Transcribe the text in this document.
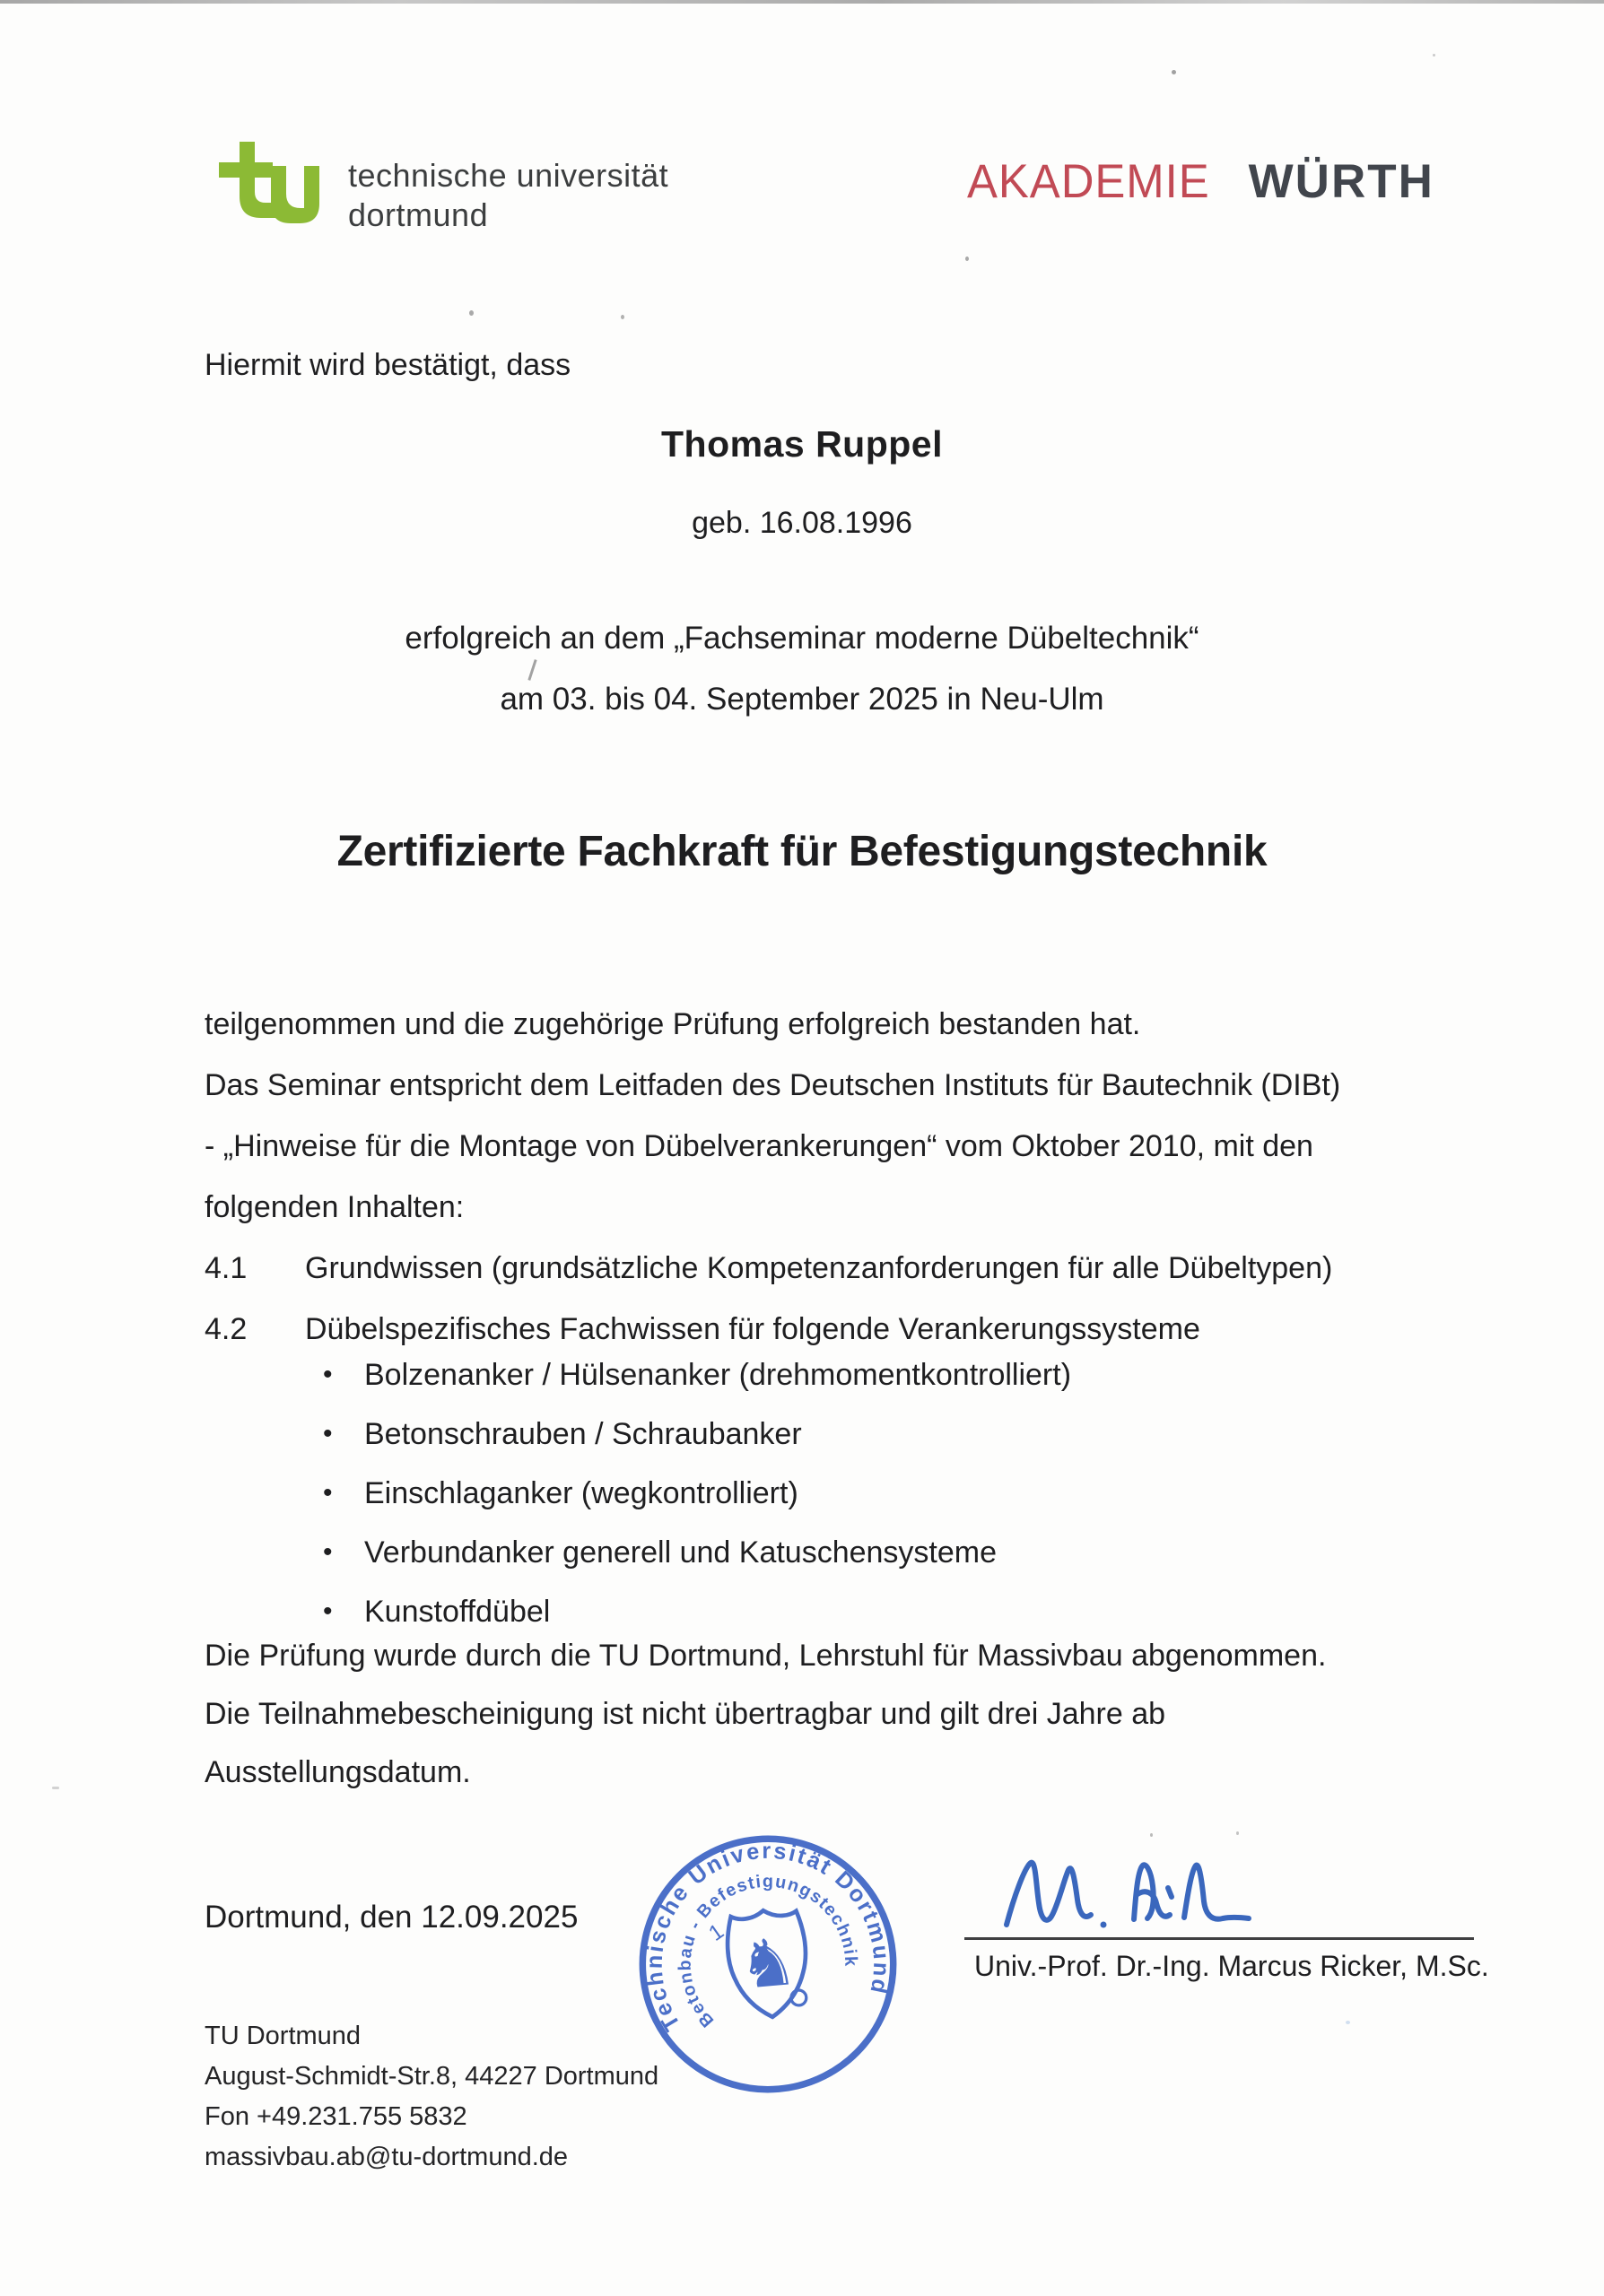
technische universität
dortmund
AKADEMIE WÜRTH
Hiermit wird bestätigt, dass
Thomas Ruppel
geb. 16.08.1996
erfolgreich an dem „Fachseminar moderne Dübeltechnik“
am 03. bis 04. September 2025 in Neu-Ulm
Zertifizierte Fachkraft für Befestigungstechnik

teilgenommen und die zugehörige Prüfung erfolgreich bestanden hat.

Das Seminar entspricht dem Leitfaden des Deutschen Instituts für Bautechnik (DIBt)

- „Hinweise für die Montage von Dübelverankerungen“ vom Oktober 2010, mit den

folgenden Inhalten:

4.1	Grundwissen (grundsätzliche Kompetenzanforderungen für alle Dübeltypen)
4.2	Dübelspezifisches Fachwissen für folgende Verankerungssysteme
•	Bolzenanker / Hülsenanker (drehmomentkontrolliert)
•	Betonschrauben / Schraubanker
•	Einschlaganker (wegkontrolliert)
•	Verbundanker generell und Katuschensysteme
•	Kunstoffdübel

Die Prüfung wurde durch die TU Dortmund, Lehrstuhl für Massivbau abgenommen.

Die Teilnahmebescheinigung ist nicht übertragbar und gilt drei Jahre ab

Ausstellungsdatum.

Dortmund, den 12.09.2025
Technische Universität Dortmund
Betonbau - Befestigungstechnik
♞
1
Univ.-Prof. Dr.-Ing. Marcus Ricker, M.Sc.

TU Dortmund

August-Schmidt-Str.8, 44227 Dortmund

Fon +49.231.755 5832

massivbau.ab@tu-dortmund.de
